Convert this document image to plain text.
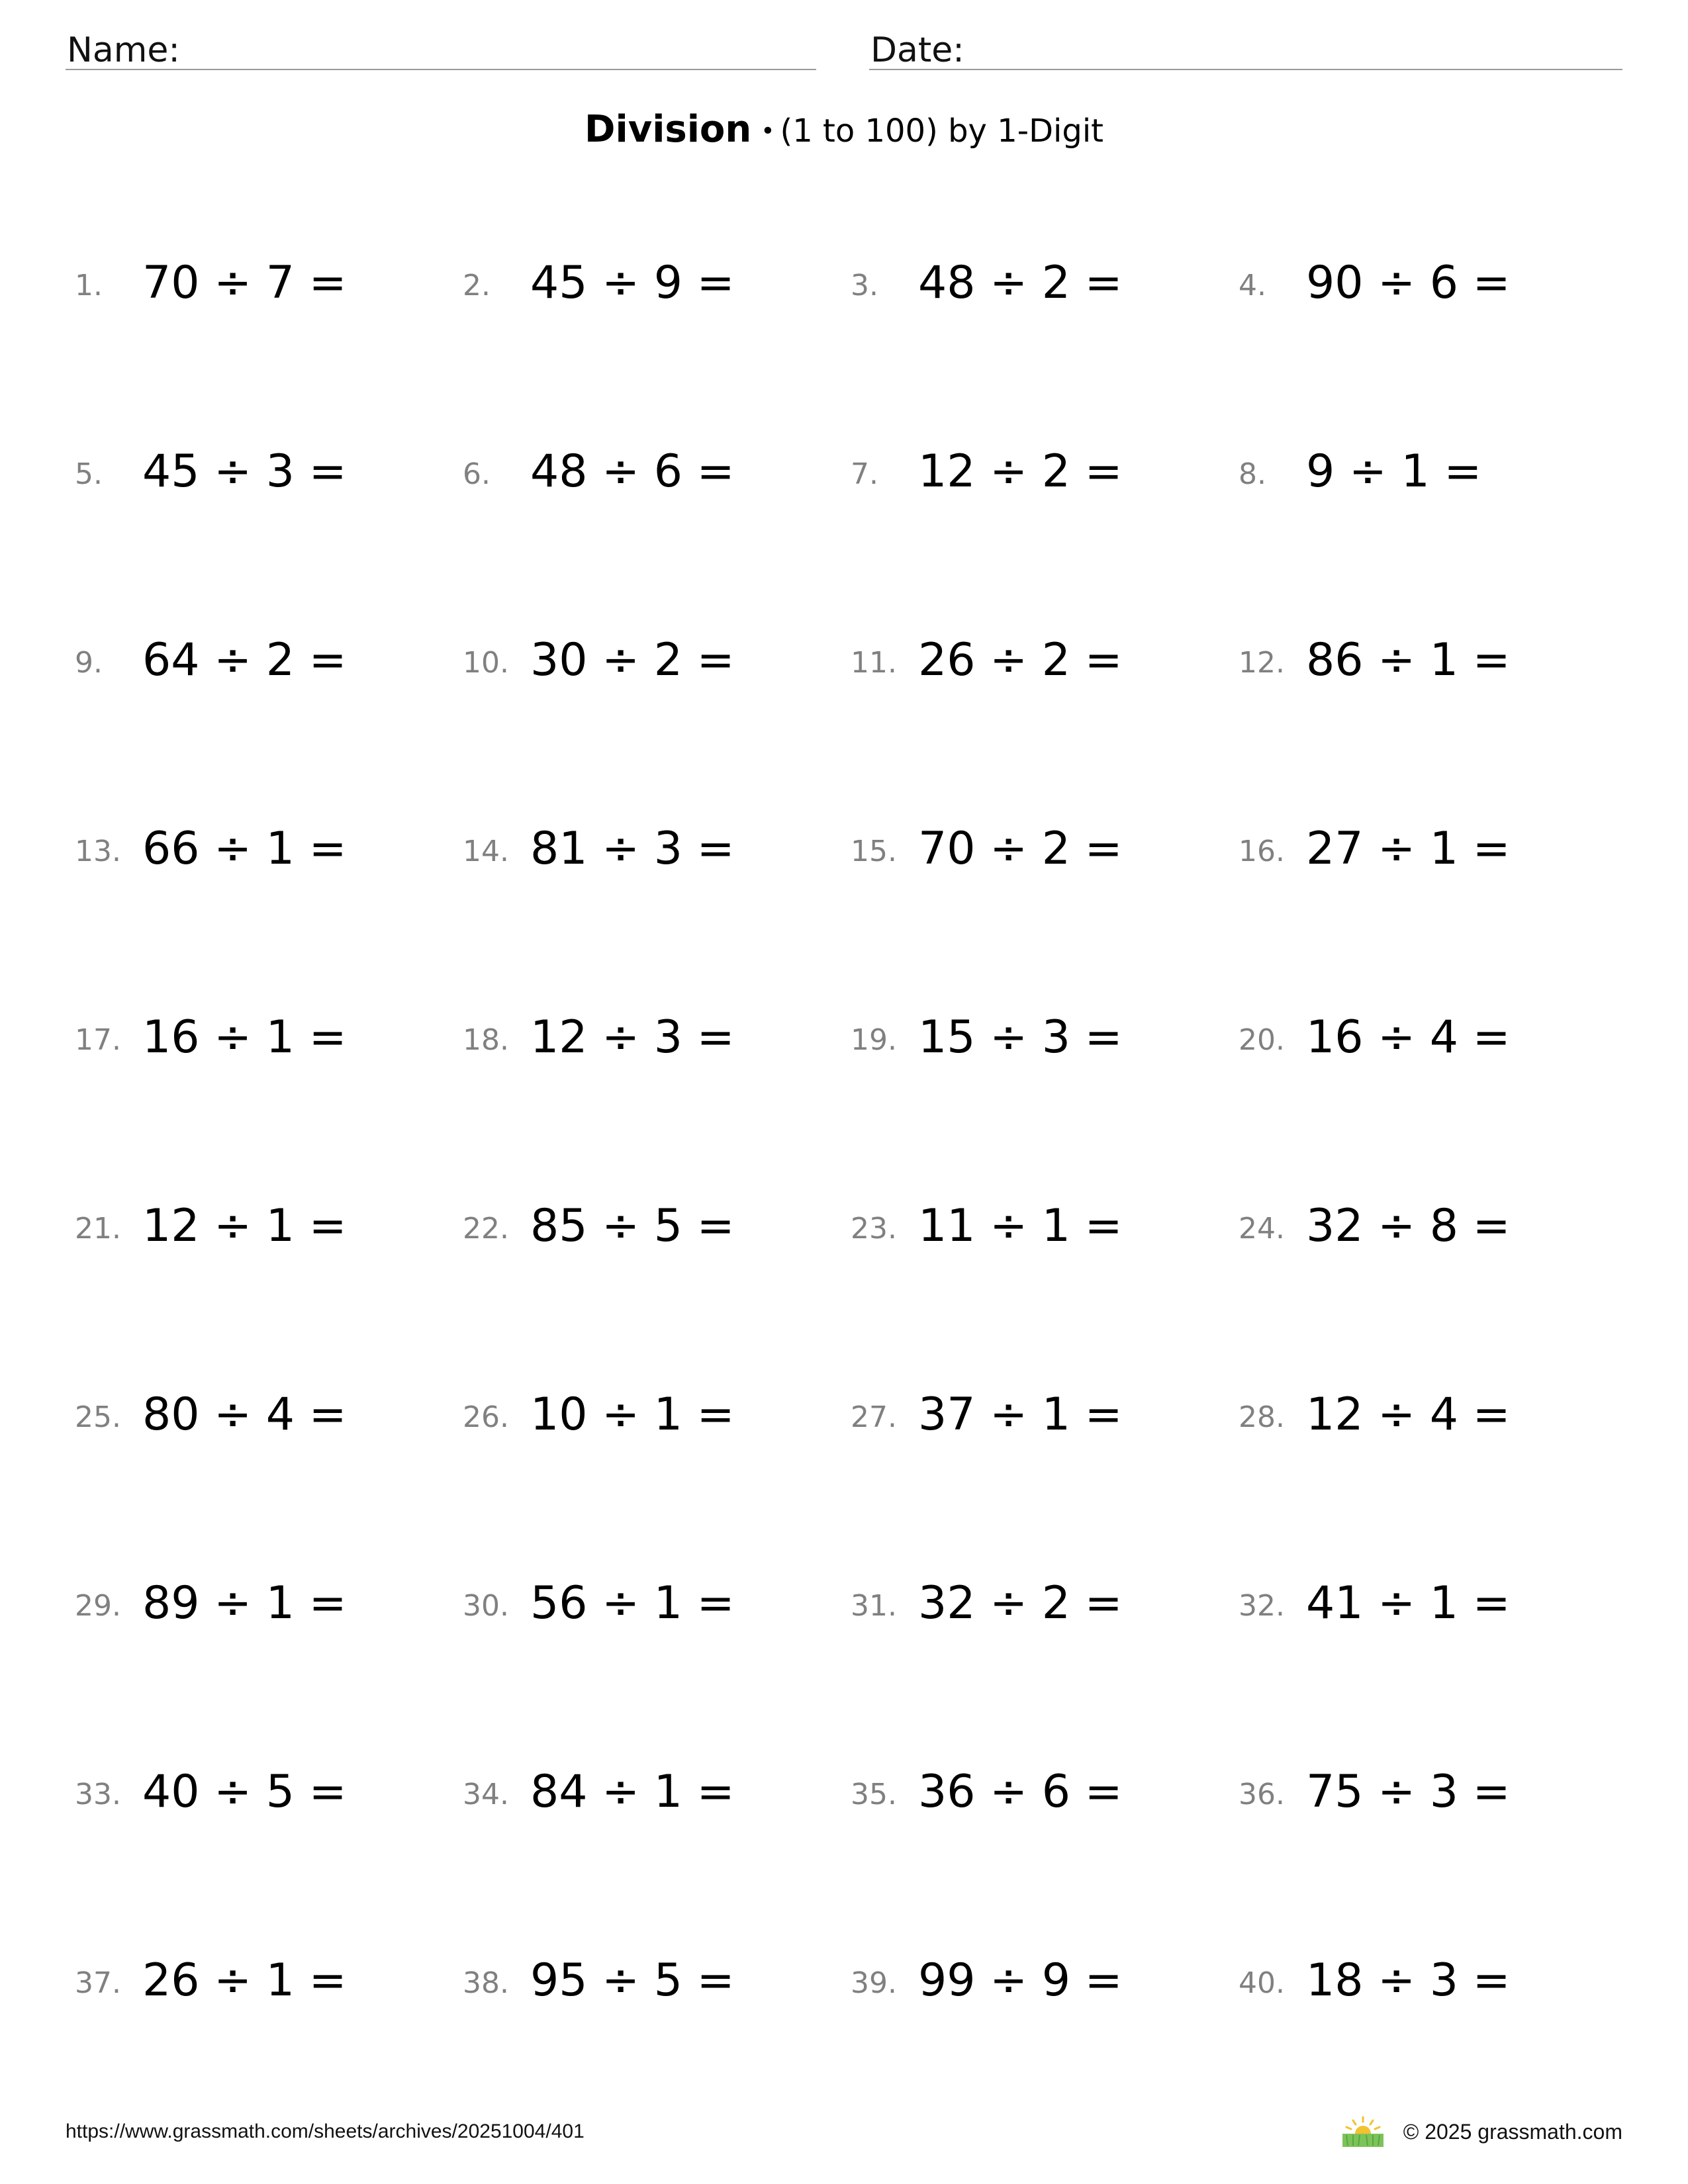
Name:	Date:
Division • (1 to 100) by 1-Digit
1. 70 ÷ 7 =	2. 45 ÷ 9 =	3. 48 ÷ 2 =	4. 90 ÷ 6 =
5. 45 ÷ 3 =	6. 48 ÷ 6 =	7. 12 ÷ 2 =	8. 9 ÷ 1 =
9. 64 ÷ 2 =	10. 30 ÷ 2 =	11. 26 ÷ 2 =	12. 86 ÷ 1 =
13. 66 ÷ 1 =	14. 81 ÷ 3 =	15. 70 ÷ 2 =	16. 27 ÷ 1 =
17. 16 ÷ 1 =	18. 12 ÷ 3 =	19. 15 ÷ 3 =	20. 16 ÷ 4 =
21. 12 ÷ 1 =	22. 85 ÷ 5 =	23. 11 ÷ 1 =	24. 32 ÷ 8 =
25. 80 ÷ 4 =	26. 10 ÷ 1 =	27. 37 ÷ 1 =	28. 12 ÷ 4 =
29. 89 ÷ 1 =	30. 56 ÷ 1 =	31. 32 ÷ 2 =	32. 41 ÷ 1 =
33. 40 ÷ 5 =	34. 84 ÷ 1 =	35. 36 ÷ 6 =	36. 75 ÷ 3 =
37. 26 ÷ 1 =	38. 95 ÷ 5 =	39. 99 ÷ 9 =	40. 18 ÷ 3 =
https://www.grassmath.com/sheets/archives/20251004/401	© 2025 grassmath.com
